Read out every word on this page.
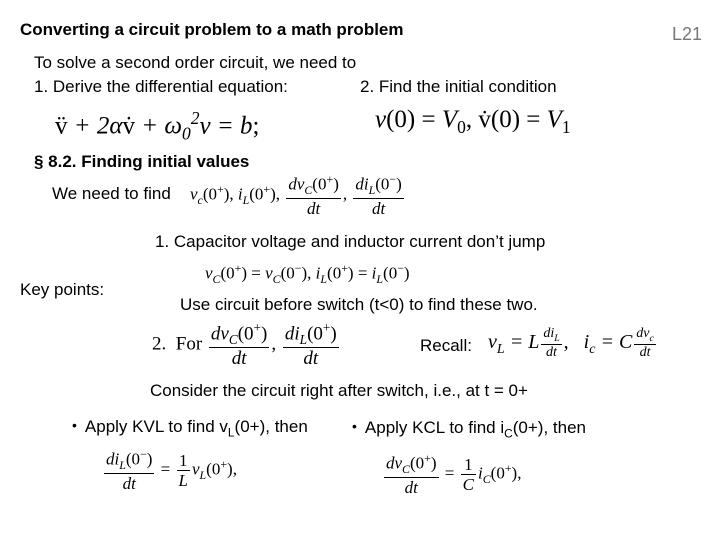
Converting a circuit problem to a math problem	L21
To solve a second order circuit, we need to
1. Derive the differential equation:	2. Find the initial condition
v̈ + 2αv̇ + $\omega_0^2v = b$;	$v(0) = V_0$, v̇(0) = $V_1$
§ 8.2. Finding initial values
We need to find $v_c(0^+)$, $i_L(0^+)$, $\frac{dv_C(0^+)}{dt}$ , $\frac{di_L(0^-)}{dt}$
1. Capacitor voltage and inductor current don’t jump
$v_C(0^+) = v_C(0^-)$, $i_L(0^+) = i_L(0^-)$
Key points:
Use circuit before switch (t<0) to find these two.
2. For $\frac{dv_C(0^+)}{dt}$ , $\frac{di_L(0^+)}{dt}$	Recall: $v_L = L \frac{di_L}{dt}$ , $i_c = C \frac{dv_c}{dt}$
Consider the circuit right after switch, i.e., at t = 0+
• Apply KVL to find $v_L(0+)$, then	• Apply KCL to find $i_C(0+)$, then
$\frac{di_L(0^-)}{dt} = \frac{1}{L} v_L(0^+)$,	$\frac{dv_C(0^+)}{dt} = \frac{1}{C} i_C(0^+)$,
